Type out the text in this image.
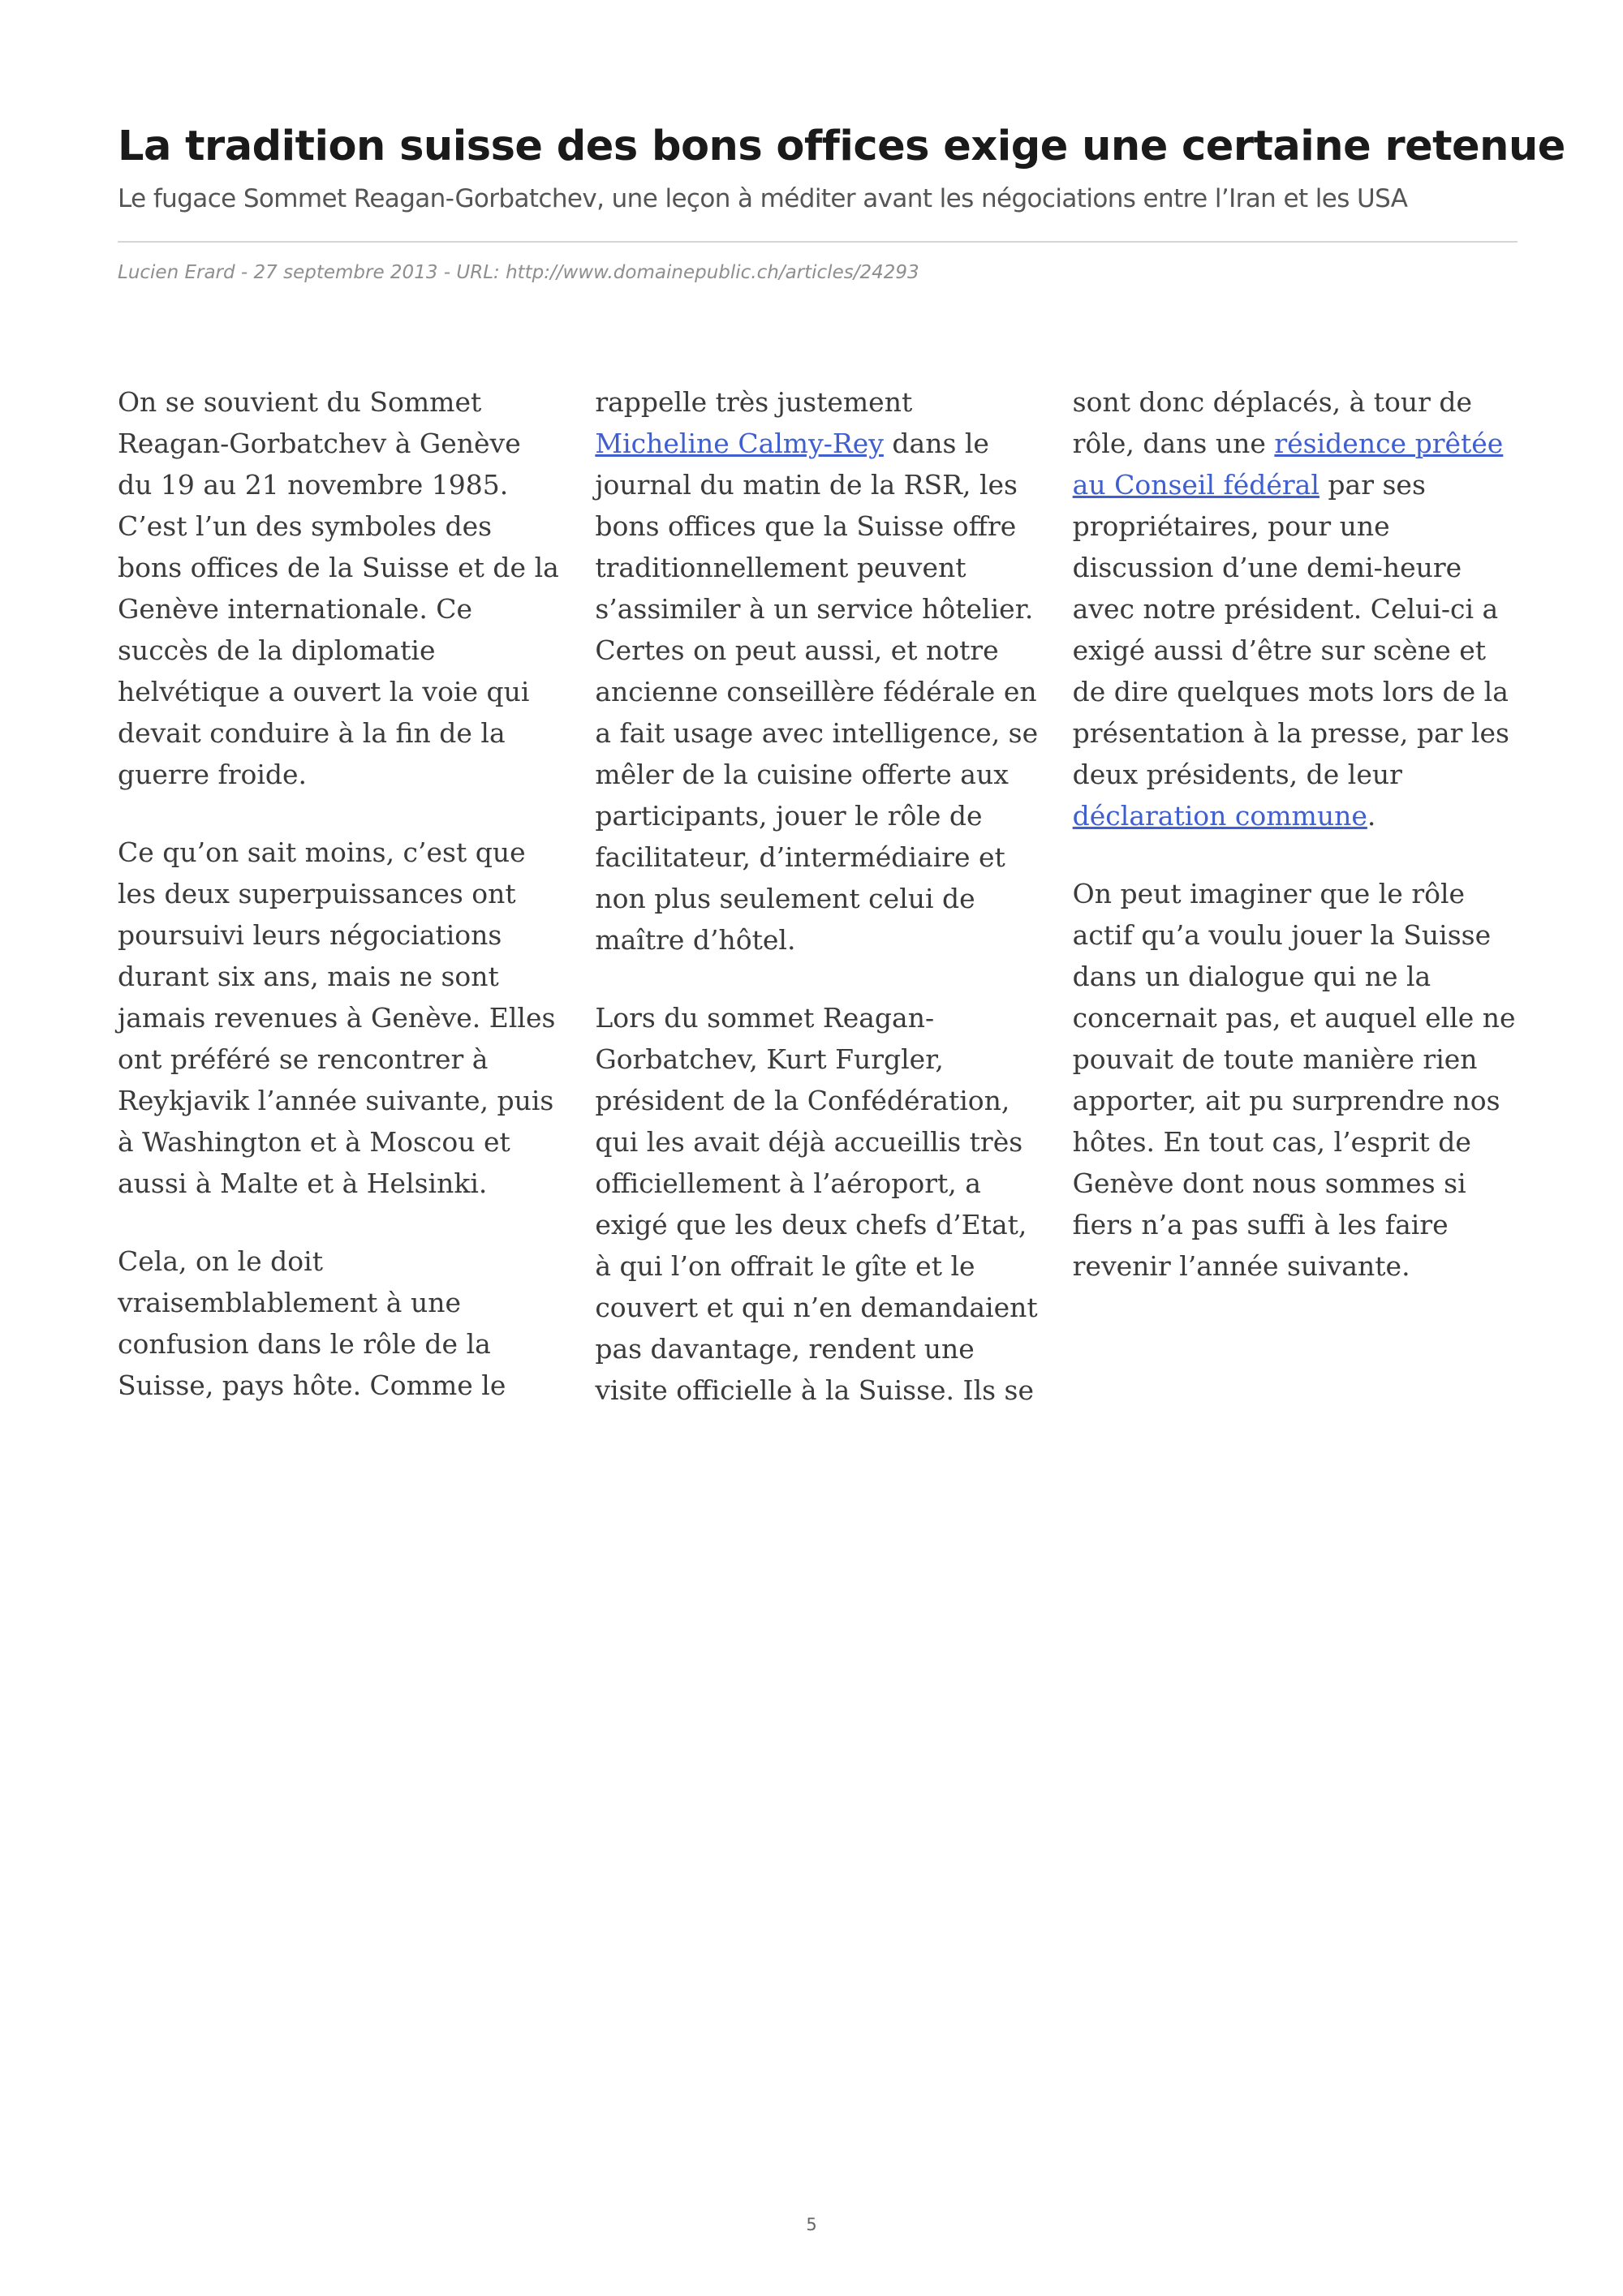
La tradition suisse des bons offices exige une certaine retenue
Le fugace Sommet Reagan-Gorbatchev, une leçon à méditer avant les négociations entre l’Iran et les USA
Lucien Erard - 27 septembre 2013 - URL: http://www.domainepublic.ch/articles/24293

On se souvient du Sommet Reagan-Gorbatchev à Genève du 19 au 21 novembre 1985. C’est l’un des symboles des bons offices de la Suisse et de la Genève internationale. Ce succès de la diplomatie helvétique a ouvert la voie qui devait conduire à la fin de la guerre froide.

Ce qu’on sait moins, c’est que les deux superpuissances ont poursuivi leurs négociations durant six ans, mais ne sont jamais revenues à Genève. Elles ont préféré se rencontrer à Reykjavik l’année suivante, puis à Washington et à Moscou et aussi à Malte et à Helsinki.

Cela, on le doit vraisemblablement à une confusion dans le rôle de la Suisse, pays hôte. Comme le rappelle très justement Micheline Calmy-Rey dans le journal du matin de la RSR, les bons offices que la Suisse offre traditionnellement peuvent s’assimiler à un service hôtelier. Certes on peut aussi, et notre ancienne conseillère fédérale en a fait usage avec intelligence, se mêler de la cuisine offerte aux participants, jouer le rôle de facilitateur, d’intermédiaire et non plus seulement celui de maître d’hôtel.

Lors du sommet Reagan-Gorbatchev, Kurt Furgler, président de la Confédération, qui les avait déjà accueillis très officiellement à l’aéroport, a exigé que les deux chefs d’Etat, à qui l’on offrait le gîte et le couvert et qui n’en demandaient pas davantage, rendent une visite officielle à la Suisse. Ils se sont donc déplacés, à tour de rôle, dans une résidence prêtée au Conseil fédéral par ses propriétaires, pour une discussion d’une demi-heure avec notre président. Celui-ci a exigé aussi d’être sur scène et de dire quelques mots lors de la présentation à la presse, par les deux présidents, de leur déclaration commune.

On peut imaginer que le rôle actif qu’a voulu jouer la Suisse dans un dialogue qui ne la concernait pas, et auquel elle ne pouvait de toute manière rien apporter, ait pu surprendre nos hôtes. En tout cas, l’esprit de Genève dont nous sommes si fiers n’a pas suffi à les faire revenir l’année suivante.

5
